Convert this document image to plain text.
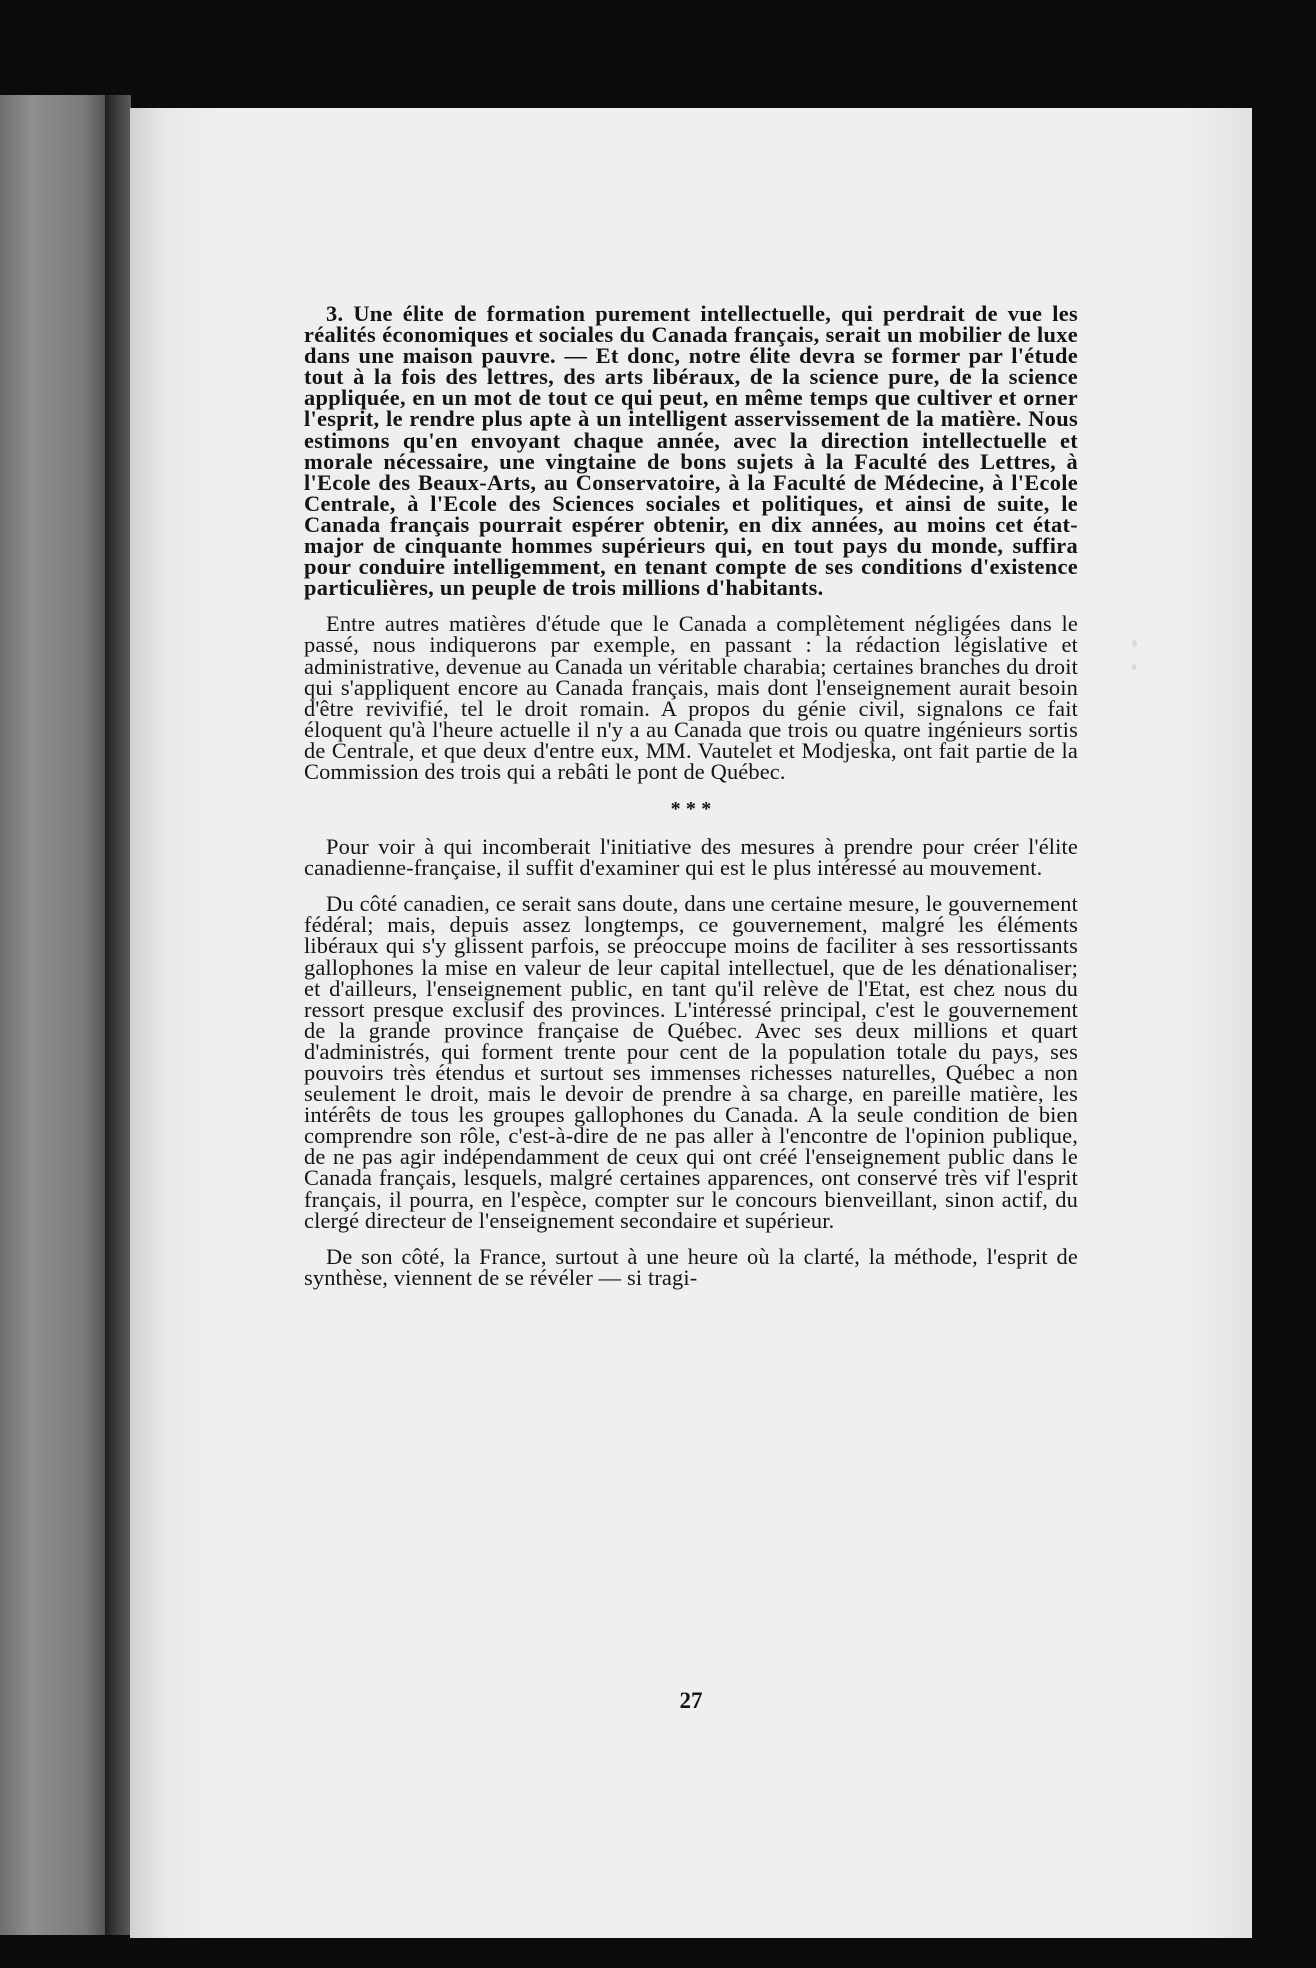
3. Une élite de formation purement intellectuelle, qui perdrait de vue les réalités économiques et sociales du Canada français, serait un mobilier de luxe dans une maison pauvre. — Et donc, notre élite devra se former par l'étude tout à la fois des lettres, des arts libéraux, de la science pure, de la science appliquée, en un mot de tout ce qui peut, en même temps que cultiver et orner l'esprit, le rendre plus apte à un intelligent asservissement de la matière. Nous estimons qu'en envoyant chaque année, avec la direction intellectuelle et morale nécessaire, une vingtaine de bons sujets à la Faculté des Lettres, à l'Ecole des Beaux-Arts, au Conservatoire, à la Faculté de Médecine, à l'Ecole Centrale, à l'Ecole des Sciences sociales et politiques, et ainsi de suite, le Canada français pourrait espérer obtenir, en dix années, au moins cet état-major de cinquante hommes supérieurs qui, en tout pays du monde, suffira pour conduire intelligemment, en tenant compte de ses conditions d'existence particulières, un peuple de trois millions d'habitants.

Entre autres matières d'étude que le Canada a complètement négligées dans le passé, nous indiquerons par exemple, en passant : la rédaction législative et administrative, devenue au Canada un véritable charabia; certaines branches du droit qui s'appliquent encore au Canada français, mais dont l'enseignement aurait besoin d'être revivifié, tel le droit romain. A propos du génie civil, signalons ce fait éloquent qu'à l'heure actuelle il n'y a au Canada que trois ou quatre ingénieurs sortis de Centrale, et que deux d'entre eux, MM. Vautelet et Modjeska, ont fait partie de la Commission des trois qui a rebâti le pont de Québec.

* * *

Pour voir à qui incomberait l'initiative des mesures à prendre pour créer l'élite canadienne-française, il suffit d'examiner qui est le plus intéressé au mouvement.

Du côté canadien, ce serait sans doute, dans une certaine mesure, le gouvernement fédéral; mais, depuis assez longtemps, ce gouvernement, malgré les éléments libéraux qui s'y glissent parfois, se préoccupe moins de faciliter à ses ressortissants gallophones la mise en valeur de leur capital intellectuel, que de les dénationaliser; et d'ailleurs, l'enseignement public, en tant qu'il relève de l'Etat, est chez nous du ressort presque exclusif des provinces. L'intéressé principal, c'est le gouvernement de la grande province française de Québec. Avec ses deux millions et quart d'administrés, qui forment trente pour cent de la population totale du pays, ses pouvoirs très étendus et surtout ses immenses richesses naturelles, Québec a non seulement le droit, mais le devoir de prendre à sa charge, en pareille matière, les intérêts de tous les groupes gallophones du Canada. A la seule condition de bien comprendre son rôle, c'est-à-dire de ne pas aller à l'encontre de l'opinion publique, de ne pas agir indépendamment de ceux qui ont créé l'enseignement public dans le Canada français, lesquels, malgré certaines apparences, ont conservé très vif l'esprit français, il pourra, en l'espèce, compter sur le concours bienveillant, sinon actif, du clergé directeur de l'enseignement secondaire et supérieur.

De son côté, la France, surtout à une heure où la clarté, la méthode, l'esprit de synthèse, viennent de se révéler — si tragi-

27
